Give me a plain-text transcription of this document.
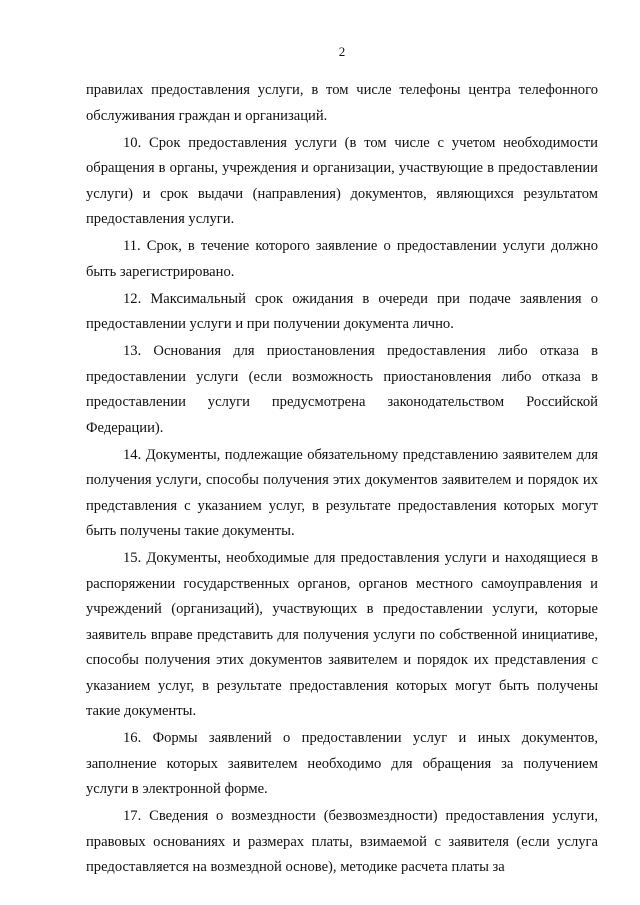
2

правилах предоставления услуги, в том числе телефоны центра телефонного обслуживания граждан и организаций.

10. Срок предоставления услуги (в том числе с учетом необходимости обращения в органы, учреждения и организации, участвующие в предоставлении услуги) и срок выдачи (направления) документов, являющихся результатом предоставления услуги.

11. Срок, в течение которого заявление о предоставлении услуги должно быть зарегистрировано.

12. Максимальный срок ожидания в очереди при подаче заявления о предоставлении услуги и при получении документа лично.

13. Основания для приостановления предоставления либо отказа в предоставлении услуги (если возможность приостановления либо отказа в предоставлении услуги предусмотрена законодательством Российской Федерации).

14. Документы, подлежащие обязательному представлению заявителем для получения услуги, способы получения этих документов заявителем и порядок их представления с указанием услуг, в результате предоставления которых могут быть получены такие документы.

15. Документы, необходимые для предоставления услуги и находящиеся в распоряжении государственных органов, органов местного самоуправления и учреждений (организаций), участвующих в предоставлении услуги, которые заявитель вправе представить для получения услуги по собственной инициативе, способы получения этих документов заявителем и порядок их представления с указанием услуг, в результате предоставления которых могут быть получены такие документы.

16. Формы заявлений о предоставлении услуг и иных документов, заполнение которых заявителем необходимо для обращения за получением услуги в электронной форме.

17. Сведения о возмездности (безвозмездности) предоставления услуги, правовых основаниях и размерах платы, взимаемой с заявителя (если услуга предоставляется на возмездной основе), методике расчета платы за
